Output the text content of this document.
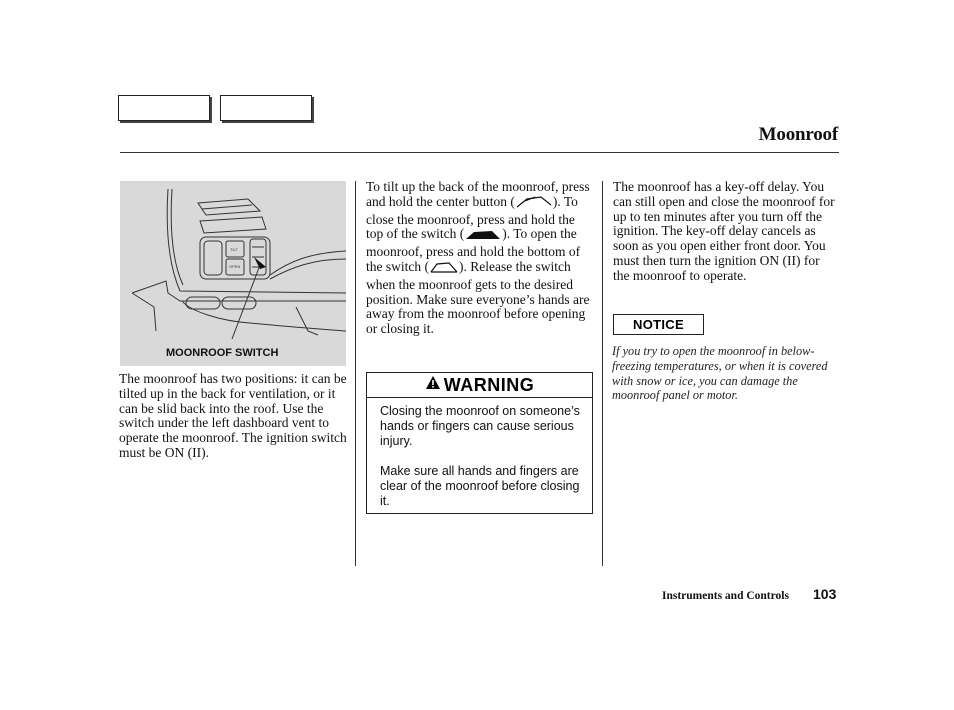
Moonroof
TILT
OPEN
MOONROOF SWITCH
The moonroof has two positions: it can be tilted up in the back for ventilation, or it can be slid back into the roof. Use the switch under the left dashboard vent to operate the moonroof. The ignition switch must be ON (II).
To tilt up the back of the moonroof, press and hold the center button (	). To close the moonroof, press and hold the top of the switch (	). To open the moonroof, press and hold the bottom of the switch ( ). Release the switch when the moonroof gets to the desired position. Make sure everyone’s hands are away from the moonroof before opening or closing it.
WARNING

Closing the moonroof on someone’s hands or fingers can cause serious injury.

Make sure all hands and fingers are clear of the moonroof before closing it.

The moonroof has a key-off delay. You can still open and close the moonroof for up to ten minutes after you turn off the ignition. The key-off delay cancels as soon as you open either front door. You must then turn the ignition ON (II) for the moonroof to operate.
NOTICE
If you try to open the moonroof in below-freezing temperatures, or when it is covered with snow or ice, you can damage the moonroof panel or motor.
Instruments and Controls 103
